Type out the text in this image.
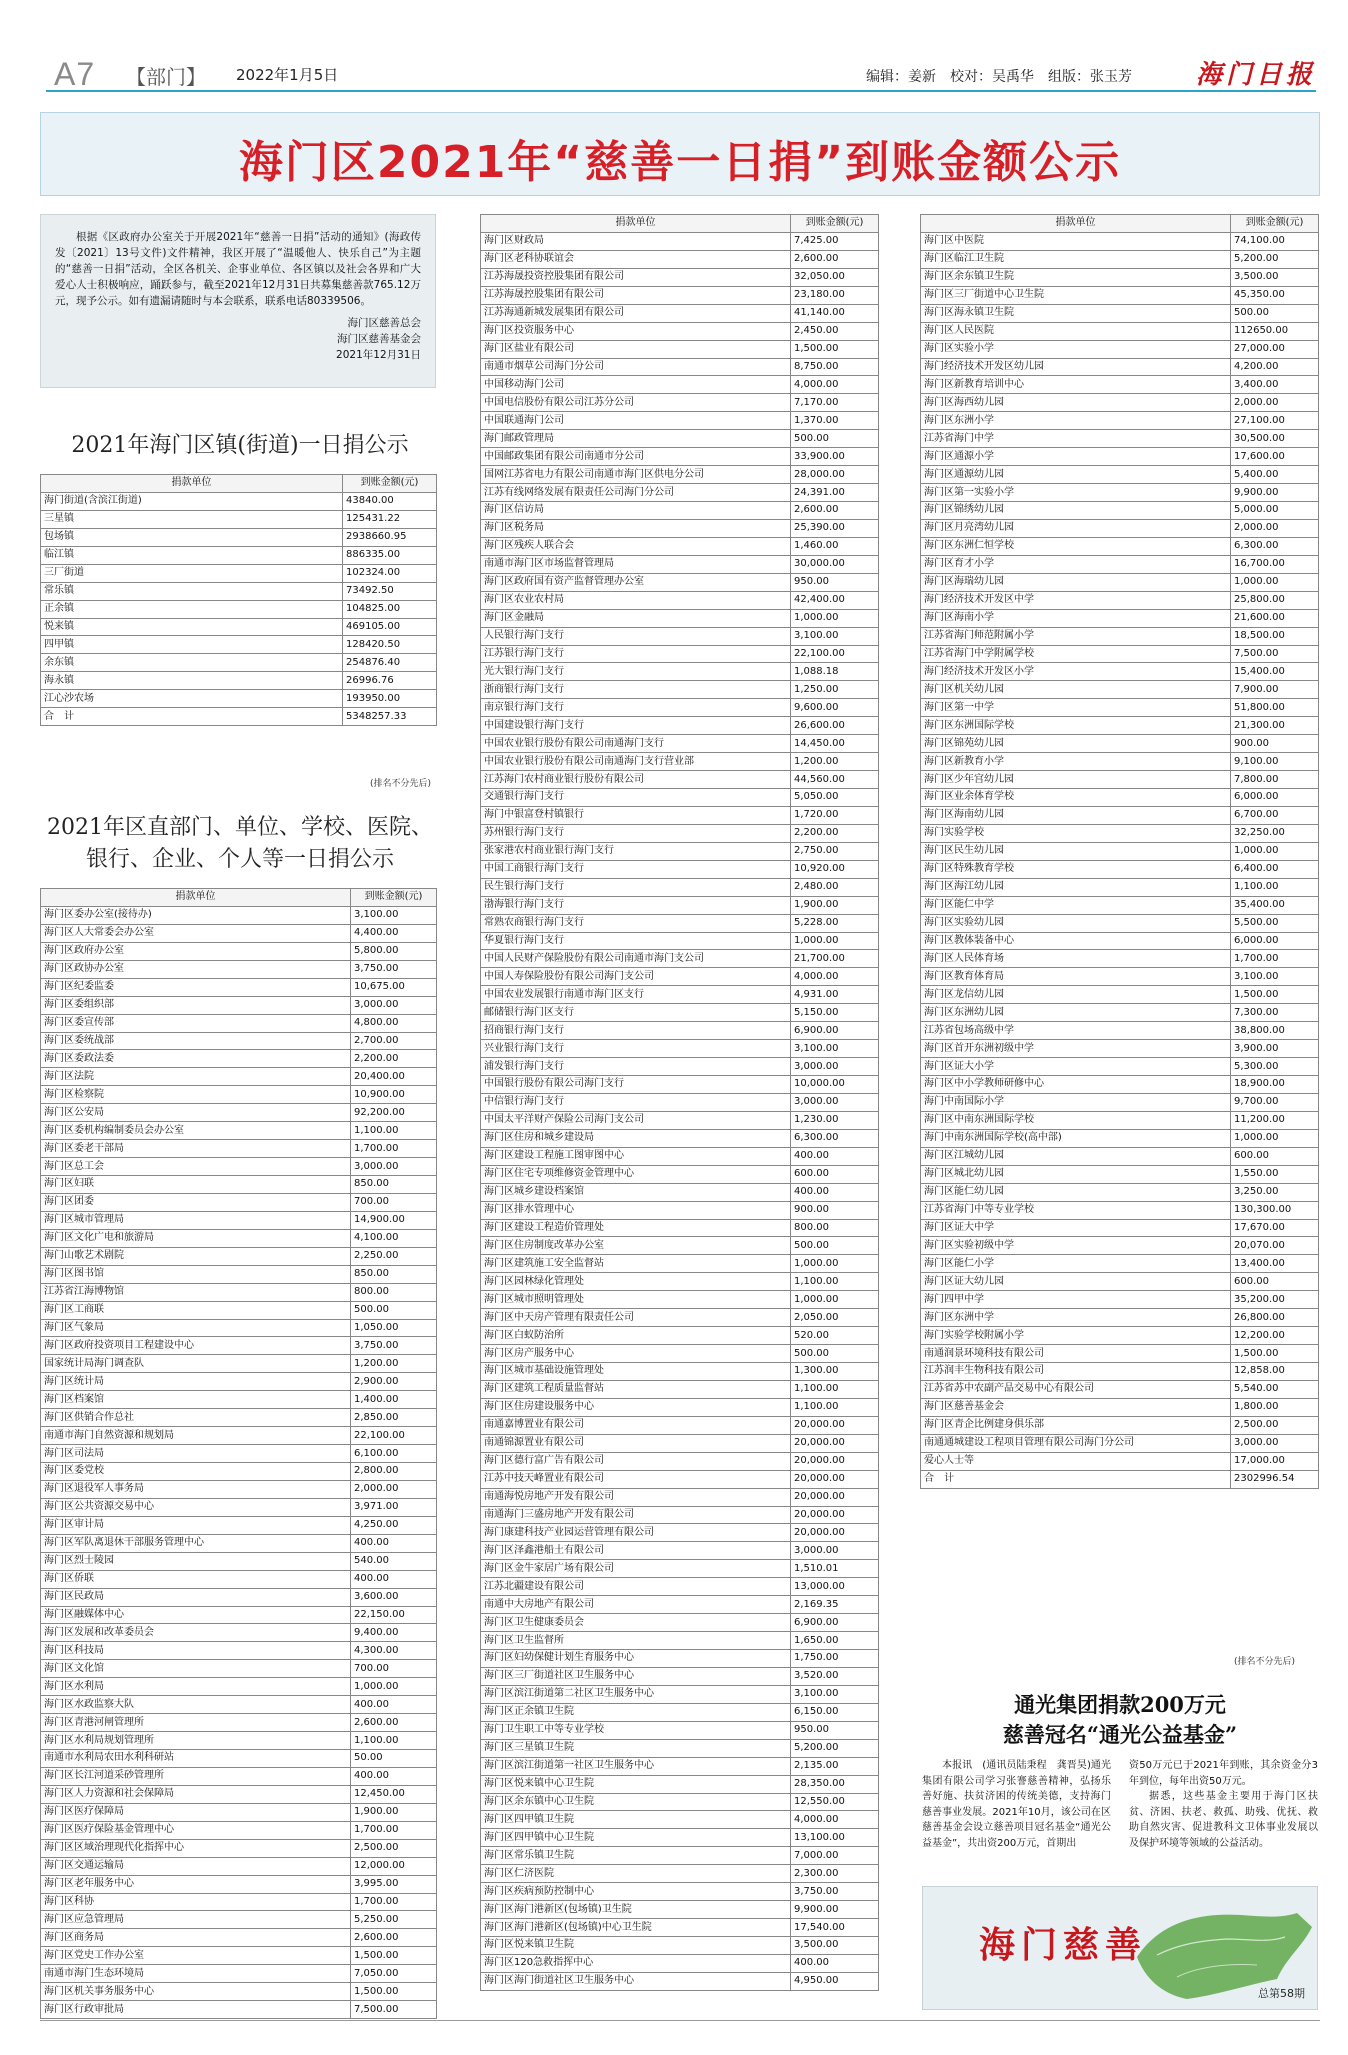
A7 【部门】 2022年1月5日	编辑：姜新　校对：吴禹华　组版：张玉芳 海门日报
海门区2021年“慈善一日捐”到账金额公示
根据《区政府办公室关于开展2021年“慈善一日捐”活动的通知》(海政传发〔2021〕13号文件)文件精神，我区开展了“温暖他人、快乐自己”为主题的“慈善一日捐”活动，全区各机关、企事业单位、各区镇以及社会各界和广大爱心人士积极响应，踊跃参与，截至2021年12月31日共募集慈善款765.12万元，现予公示。如有遗漏请随时与本会联系，联系电话80339506。
海门区慈善总会
海门区慈善基金会
2021年12月31日
2021年海门区镇(街道)一日捐公示
捐款单位	到账金额(元)
海门街道(含滨江街道)	43840.00
三星镇	125431.22
包场镇	2938660.95
临江镇	886335.00
三厂街道	102324.00
常乐镇	73492.50
正余镇	104825.00
悦来镇	469105.00
四甲镇	128420.50
余东镇	254876.40
海永镇	26996.76
江心沙农场	193950.00
合　计	5348257.33
(排名不分先后)
2021年区直部门、单位、学校、医院、
银行、企业、个人等一日捐公示
捐款单位	到账金额(元)
海门区委办公室(接待办)	3,100.00
海门区人大常委会办公室	4,400.00
海门区政府办公室	5,800.00
海门区政协办公室	3,750.00
海门区纪委监委	10,675.00
海门区委组织部	3,000.00
海门区委宣传部	4,800.00
海门区委统战部	2,700.00
海门区委政法委	2,200.00
海门区法院	20,400.00
海门区检察院	10,900.00
海门区公安局	92,200.00
海门区委机构编制委员会办公室	1,100.00
海门区委老干部局	1,700.00
海门区总工会	3,000.00
海门区妇联	850.00
海门区团委	700.00
海门区城市管理局	14,900.00
海门区文化广电和旅游局	4,100.00
海门山歌艺术剧院	2,250.00
海门区图书馆	850.00
江苏省江海博物馆	800.00
海门区工商联	500.00
海门区气象局	1,050.00
海门区政府投资项目工程建设中心	3,750.00
国家统计局海门调查队	1,200.00
海门区统计局	2,900.00
海门区档案馆	1,400.00
海门区供销合作总社	2,850.00
南通市海门自然资源和规划局	22,100.00
海门区司法局	6,100.00
海门区委党校	2,800.00
海门区退役军人事务局	2,000.00
海门区公共资源交易中心	3,971.00
海门区审计局	4,250.00
海门区军队离退休干部服务管理中心	400.00
海门区烈士陵园	540.00
海门区侨联	400.00
海门区民政局	3,600.00
海门区融媒体中心	22,150.00
海门区发展和改革委员会	9,400.00
海门区科技局	4,300.00
海门区文化馆	700.00
海门区水利局	1,000.00
海门区水政监察大队	400.00
海门区青港河闸管理所	2,600.00
海门区水利局规划管理所	1,100.00
南通市水利局农田水利科研站	50.00
海门区长江河道采砂管理所	400.00
海门区人力资源和社会保障局	12,450.00
海门区医疗保障局	1,900.00
海门区医疗保险基金管理中心	1,700.00
海门区区域治理现代化指挥中心	2,500.00
海门区交通运输局	12,000.00
海门区老年服务中心	3,995.00
海门区科协	1,700.00
海门区应急管理局	5,250.00
海门区商务局	2,600.00
海门区党史工作办公室	1,500.00
南通市海门生态环境局	7,050.00
海门区机关事务服务中心	1,500.00
海门区行政审批局	7,500.00
捐款单位	到账金额(元)
海门区财政局	7,425.00
海门区老科协联谊会	2,600.00
江苏海晟投资控股集团有限公司	32,050.00
江苏海晟控股集团有限公司	23,180.00
江苏海通新城发展集团有限公司	41,140.00
海门区投资服务中心	2,450.00
海门区盐业有限公司	1,500.00
南通市烟草公司海门分公司	8,750.00
中国移动海门公司	4,000.00
中国电信股份有限公司江苏分公司	7,170.00
中国联通海门公司	1,370.00
海门邮政管理局	500.00
中国邮政集团有限公司南通市分公司	33,900.00
国网江苏省电力有限公司南通市海门区供电分公司	28,000.00
江苏有线网络发展有限责任公司海门分公司	24,391.00
海门区信访局	2,600.00
海门区税务局	25,390.00
海门区残疾人联合会	1,460.00
南通市海门区市场监督管理局	30,000.00
海门区政府国有资产监督管理办公室	950.00
海门区农业农村局	42,400.00
海门区金融局	1,000.00
人民银行海门支行	3,100.00
江苏银行海门支行	22,100.00
光大银行海门支行	1,088.18
浙商银行海门支行	1,250.00
南京银行海门支行	9,600.00
中国建设银行海门支行	26,600.00
中国农业银行股份有限公司南通海门支行	14,450.00
中国农业银行股份有限公司南通海门支行营业部	1,200.00
江苏海门农村商业银行股份有限公司	44,560.00
交通银行海门支行	5,050.00
海门中银富登村镇银行	1,720.00
苏州银行海门支行	2,200.00
张家港农村商业银行海门支行	2,750.00
中国工商银行海门支行	10,920.00
民生银行海门支行	2,480.00
渤海银行海门支行	1,900.00
常熟农商银行海门支行	5,228.00
华夏银行海门支行	1,000.00
中国人民财产保险股份有限公司南通市海门支公司	21,700.00
中国人寿保险股份有限公司海门支公司	4,000.00
中国农业发展银行南通市海门区支行	4,931.00
邮储银行海门区支行	5,150.00
招商银行海门支行	6,900.00
兴业银行海门支行	3,100.00
浦发银行海门支行	3,000.00
中国银行股份有限公司海门支行	10,000.00
中信银行海门支行	3,000.00
中国太平洋财产保险公司海门支公司	1,230.00
海门区住房和城乡建设局	6,300.00
海门区建设工程施工图审图中心	400.00
海门区住宅专项维修资金管理中心	600.00
海门区城乡建设档案馆	400.00
海门区排水管理中心	900.00
海门区建设工程造价管理处	800.00
海门区住房制度改革办公室	500.00
海门区建筑施工安全监督站	1,000.00
海门区园林绿化管理处	1,100.00
海门区城市照明管理处	1,000.00
海门区中天房产管理有限责任公司	2,050.00
海门区白蚁防治所	520.00
海门区房产服务中心	500.00
海门区城市基础设施管理处	1,300.00
海门区建筑工程质量监督站	1,100.00
海门区住房建设服务中心	1,100.00
南通嘉博置业有限公司	20,000.00
南通锦源置业有限公司	20,000.00
海门区德行富广告有限公司	20,000.00
江苏中技天峰置业有限公司	20,000.00
南通海悦房地产开发有限公司	20,000.00
南通海门三盛房地产开发有限公司	20,000.00
海门康建科技产业园运营管理有限公司	20,000.00
海门区泽鑫港船土有限公司	3,000.00
海门区金牛家居广场有限公司	1,510.01
江苏北疆建设有限公司	13,000.00
南通中大房地产有限公司	2,169.35
海门区卫生健康委员会	6,900.00
海门区卫生监督所	1,650.00
海门区妇幼保健计划生育服务中心	1,750.00
海门区三厂街道社区卫生服务中心	3,520.00
海门区滨江街道第二社区卫生服务中心	3,100.00
海门区正余镇卫生院	6,150.00
海门卫生职工中等专业学校	950.00
海门区三星镇卫生院	5,200.00
海门区滨江街道第一社区卫生服务中心	2,135.00
海门区悦来镇中心卫生院	28,350.00
海门区余东镇中心卫生院	12,550.00
海门区四甲镇卫生院	4,000.00
海门区四甲镇中心卫生院	13,100.00
海门区常乐镇卫生院	7,000.00
海门区仁济医院	2,300.00
海门区疾病预防控制中心	3,750.00
海门区海门港新区(包场镇)卫生院	9,900.00
海门区海门港新区(包场镇)中心卫生院	17,540.00
海门区悦来镇卫生院	3,500.00
海门区120急救指挥中心	400.00
海门区海门街道社区卫生服务中心	4,950.00
捐款单位	到账金额(元)
海门区中医院	74,100.00
海门区临江卫生院	5,200.00
海门区余东镇卫生院	3,500.00
海门区三厂街道中心卫生院	45,350.00
海门区海永镇卫生院	500.00
海门区人民医院	112650.00
海门区实验小学	27,000.00
海门经济技术开发区幼儿园	4,200.00
海门区新教育培训中心	3,400.00
海门区海西幼儿园	2,000.00
海门区东洲小学	27,100.00
江苏省海门中学	30,500.00
海门区通源小学	17,600.00
海门区通源幼儿园	5,400.00
海门区第一实验小学	9,900.00
海门区锦绣幼儿园	5,000.00
海门区月亮湾幼儿园	2,000.00
海门区东洲仁恒学校	6,300.00
海门区育才小学	16,700.00
海门区海瑞幼儿园	1,000.00
海门经济技术开发区中学	25,800.00
海门区海南小学	21,600.00
江苏省海门师范附属小学	18,500.00
江苏省海门中学附属学校	7,500.00
海门经济技术开发区小学	15,400.00
海门区机关幼儿园	7,900.00
海门区第一中学	51,800.00
海门区东洲国际学校	21,300.00
海门区锦苑幼儿园	900.00
海门区新教育小学	9,100.00
海门区少年宫幼儿园	7,800.00
海门区业余体育学校	6,000.00
海门区海南幼儿园	6,700.00
海门实验学校	32,250.00
海门区民生幼儿园	1,000.00
海门区特殊教育学校	6,400.00
海门区海江幼儿园	1,100.00
海门区能仁中学	35,400.00
海门区实验幼儿园	5,500.00
海门区教体装备中心	6,000.00
海门区人民体育场	1,700.00
海门区教育体育局	3,100.00
海门区龙信幼儿园	1,500.00
海门区东洲幼儿园	7,300.00
江苏省包场高级中学	38,800.00
海门区首开东洲初级中学	3,900.00
海门区证大小学	5,300.00
海门区中小学教师研修中心	18,900.00
海门中南国际小学	9,700.00
海门区中南东洲国际学校	11,200.00
海门中南东洲国际学校(高中部)	1,000.00
海门区江城幼儿园	600.00
海门区城北幼儿园	1,550.00
海门区能仁幼儿园	3,250.00
江苏省海门中等专业学校	130,300.00
海门区证大中学	17,670.00
海门区实验初级中学	20,070.00
海门区能仁小学	13,400.00
海门区证大幼儿园	600.00
海门四甲中学	35,200.00
海门区东洲中学	26,800.00
海门实验学校附属小学	12,200.00
南通润景环境科技有限公司	1,500.00
江苏润丰生物科技有限公司	12,858.00
江苏省苏中农副产品交易中心有限公司	5,540.00
海门区慈善基金会	1,800.00
海门区青企比例建身俱乐部	2,500.00
南通通城建设工程项目管理有限公司海门分公司	3,000.00
爱心人士等	17,000.00
合　计	2302996.54
(排名不分先后)
通光集团捐款200万元
慈善冠名“通光公益基金”

本报讯　(通讯员陆秉程　龚晋昊)通光集团有限公司学习张謇慈善精神，弘扬乐善好施、扶贫济困的传统美德，支持海门慈善事业发展。2021年10月，该公司在区慈善基金会设立慈善项目冠名基金“通光公益基金”，共出资200万元，首期出

资50万元已于2021年到账，其余资金分3年到位，每年出资50万元。

据悉，这些基金主要用于海门区扶贫、济困、扶老、救孤、助残、优抚、救助自然灾害、促进教科文卫体事业发展以及保护环境等领域的公益活动。

海门慈善
总第58期
